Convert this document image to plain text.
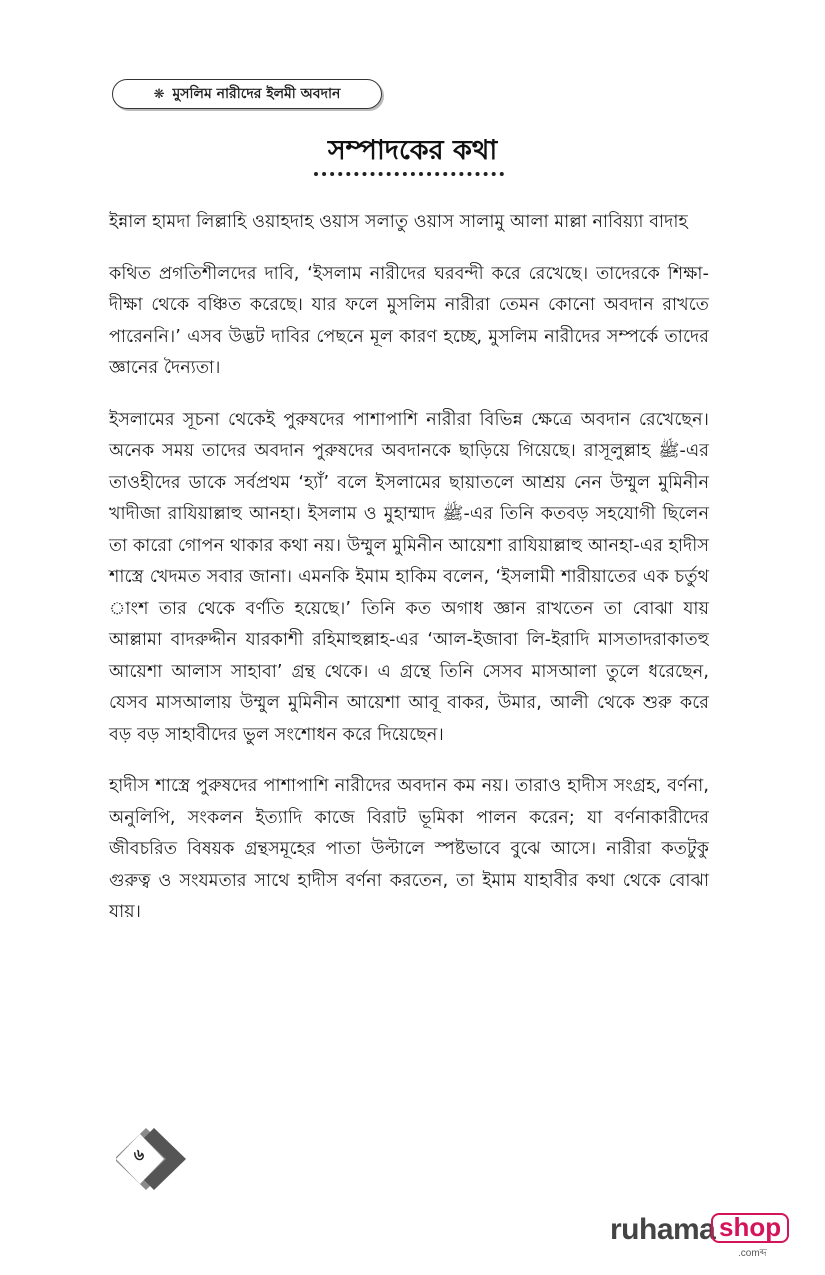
❋ মুসলিম নারীদের ইলমী অবদান
সম্পাদকের কথা

ইন্নাল হামদা লিল্লাহি ওয়াহদাহ ওয়াস সলাতু ওয়াস সালামু আলা মাল্লা নাবিয়্যা বাদাহ

কথিত প্রগতিশীলদের দাবি, ‘ইসলাম নারীদের ঘরবন্দী করে রেখেছে। তাদেরকে শিক্ষা-দীক্ষা থেকে বঞ্চিত করেছে। যার ফলে মুসলিম নারীরা তেমন কোনো অবদান রাখতে পারেননি।’ এসব উদ্ভট দাবির পেছনে মূল কারণ হচ্ছে, মুসলিম নারীদের সম্পর্কে তাদের জ্ঞানের দৈন্যতা।

ইসলামের সূচনা থেকেই পুরুষদের পাশাপাশি নারীরা বিভিন্ন ক্ষেত্রে অবদান রেখেছেন। অনেক সময় তাদের অবদান পুরুষদের অবদানকে ছাড়িয়ে গিয়েছে। রাসূলুল্লাহ ﷺ-এর তাওহীদের ডাকে সর্বপ্রথম ‘হ্যাঁ’ বলে ইসলামের ছায়াতলে আশ্রয় নেন উম্মুল মুমিনীন খাদীজা রাযিয়াল্লাহু আনহা। ইসলাম ও মুহাম্মাদ ﷺ-এর তিনি কতবড় সহযোগী ছিলেন তা কারো গোপন থাকার কথা নয়। উম্মুল মুমিনীন আয়েশা রাযিয়াল্লাহু আনহা-এর হাদীস শাস্ত্রে খেদমত সবার জানা। এমনকি ইমাম হাকিম বলেন, ‘ইসলামী শারীয়াতের এক চর্তুথ াংশ তার থেকে বর্ণতি হয়েছে।’ তিনি কত অগাধ জ্ঞান রাখতেন তা বোঝা যায় আল্লামা বাদরুদ্দীন যারকাশী রহিমাহুল্লাহ-এর ‘আল-ইজাবা লি-ইরাদি মাসতাদরাকাতহু আয়েশা আলাস সাহাবা’ গ্রন্থ থেকে। এ গ্রন্থে তিনি সেসব মাসআলা তুলে ধরেছেন, যেসব মাসআলায় উম্মুল মুমিনীন আয়েশা আবূ বাকর, উমার, আলী থেকে শুরু করে বড় বড় সাহাবীদের ভুল সংশোধন করে দিয়েছেন।

হাদীস শাস্ত্রে পুরুষদের পাশাপাশি নারীদের অবদান কম নয়। তারাও হাদীস সংগ্রহ, বর্ণনা, অনুলিপি, সংকলন ইত্যাদি কাজে বিরাট ভূমিকা পালন করেন; যা বর্ণনাকারীদের জীবচরিত বিষয়ক গ্রন্থসমূহের পাতা উল্টালে স্পষ্টভাবে বুঝে আসে। নারীরা কতটুকু গুরুত্ব ও সংযমতার সাথে হাদীস বর্ণনা করতেন, তা ইমাম যাহাবীর কথা থেকে বোঝা যায়।

৬
ruhama shop
.comব্দ
